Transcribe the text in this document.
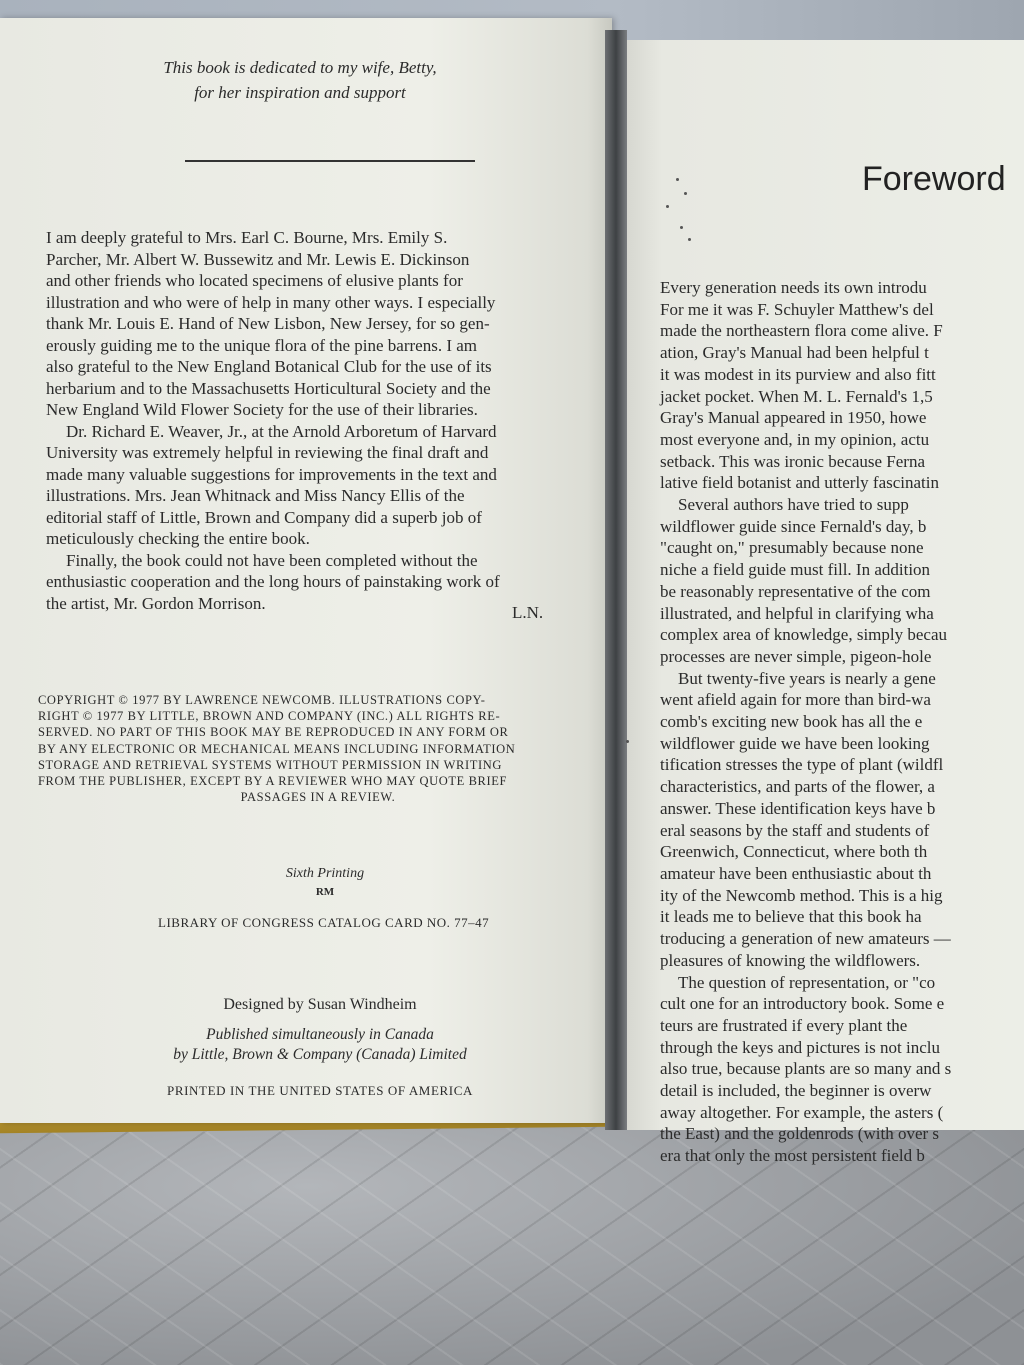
This book is dedicated to my wife, Betty,
for her inspiration and support
I am deeply grateful to Mrs. Earl C. Bourne, Mrs. Emily S.
Parcher, Mr. Albert W. Bussewitz and Mr. Lewis E. Dickinson
and other friends who located specimens of elusive plants for
illustration and who were of help in many other ways. I especially
thank Mr. Louis E. Hand of New Lisbon, New Jersey, for so gen-
erously guiding me to the unique flora of the pine barrens. I am
also grateful to the New England Botanical Club for the use of its
herbarium and to the Massachusetts Horticultural Society and the
New England Wild Flower Society for the use of their libraries.
Dr. Richard E. Weaver, Jr., at the Arnold Arboretum of Harvard
University was extremely helpful in reviewing the final draft and
made many valuable suggestions for improvements in the text and
illustrations. Mrs. Jean Whitnack and Miss Nancy Ellis of the
editorial staff of Little, Brown and Company did a superb job of
meticulously checking the entire book.
Finally, the book could not have been completed without the
enthusiastic cooperation and the long hours of painstaking work of
the artist, Mr. Gordon Morrison.	L.N.
COPYRIGHT © 1977 BY LAWRENCE NEWCOMB. ILLUSTRATIONS COPY-
RIGHT © 1977 BY LITTLE, BROWN AND COMPANY (INC.) ALL RIGHTS RE-
SERVED. NO PART OF THIS BOOK MAY BE REPRODUCED IN ANY FORM OR
BY ANY ELECTRONIC OR MECHANICAL MEANS INCLUDING INFORMATION
STORAGE AND RETRIEVAL SYSTEMS WITHOUT PERMISSION IN WRITING
FROM THE PUBLISHER, EXCEPT BY A REVIEWER WHO MAY QUOTE BRIEF
PASSAGES IN A REVIEW.
Sixth Printing
RM
LIBRARY OF CONGRESS CATALOG CARD NO. 77–47
Designed by Susan Windheim
Published simultaneously in Canada
by Little, Brown & Company (Canada) Limited
PRINTED IN THE UNITED STATES OF AMERICA
Foreword
Every generation needs its own introdu
For me it was F. Schuyler Matthew's del
made the northeastern flora come alive. F
ation, Gray's Manual had been helpful t
it was modest in its purview and also fitt
jacket pocket. When M. L. Fernald's 1,5
Gray's Manual appeared in 1950, howe
most everyone and, in my opinion, actu
setback. This was ironic because Ferna
lative field botanist and utterly fascinatin
Several authors have tried to supp
wildflower guide since Fernald's day, b
"caught on," presumably because none
niche a field guide must fill. In addition
be reasonably representative of the com
illustrated, and helpful in clarifying wha
complex area of knowledge, simply becau
processes are never simple, pigeon-hole
But twenty-five years is nearly a gene
went afield again for more than bird-wa
comb's exciting new book has all the e
wildflower guide we have been looking
tification stresses the type of plant (wildfl
characteristics, and parts of the flower, a
answer. These identification keys have b
eral seasons by the staff and students of
Greenwich, Connecticut, where both th
amateur have been enthusiastic about th
ity of the Newcomb method. This is a hig
it leads me to believe that this book ha
troducing a generation of new amateurs —
pleasures of knowing the wildflowers.
The question of representation, or "co
cult one for an introductory book. Some e
teurs are frustrated if every plant the
through the keys and pictures is not inclu
also true, because plants are so many and s
detail is included, the beginner is overw
away altogether. For example, the asters (
the East) and the goldenrods (with over s
era that only the most persistent field b
